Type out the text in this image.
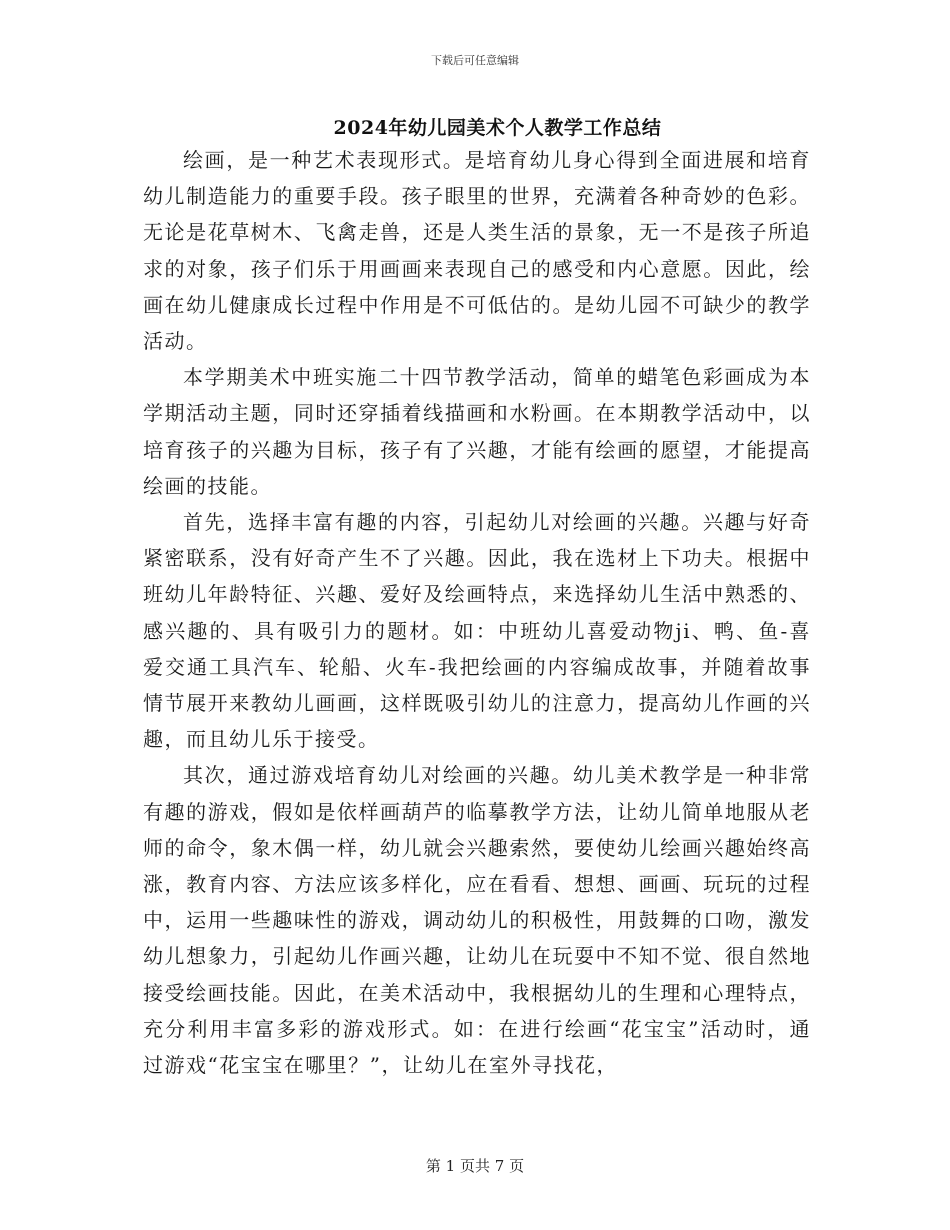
下载后可任意编辑
2024年幼儿园美术个人教学工作总结

绘画，是一种艺术表现形式。是培育幼儿身心得到全面进展和培育幼儿制造能力的重要手段。孩子眼里的世界，充满着各种奇妙的色彩。无论是花草树木、飞禽走兽，还是人类生活的景象，无一不是孩子所追求的对象，孩子们乐于用画画来表现自己的感受和内心意愿。因此，绘画在幼儿健康成长过程中作用是不可低估的。是幼儿园不可缺少的教学活动。

本学期美术中班实施二十四节教学活动，简单的蜡笔色彩画成为本学期活动主题，同时还穿插着线描画和水粉画。在本期教学活动中，以培育孩子的兴趣为目标，孩子有了兴趣，才能有绘画的愿望，才能提高绘画的技能。

首先，选择丰富有趣的内容，引起幼儿对绘画的兴趣。兴趣与好奇紧密联系，没有好奇产生不了兴趣。因此，我在选材上下功夫。根据中班幼儿年龄特征、兴趣、爱好及绘画特点，来选择幼儿生活中熟悉的、感兴趣的、具有吸引力的题材。如：中班幼儿喜爱动物ji、鸭、鱼-喜爱交通工具汽车、轮船、火车-我把绘画的内容编成故事，并随着故事情节展开来教幼儿画画，这样既吸引幼儿的注意力，提高幼儿作画的兴趣，而且幼儿乐于接受。

其次，通过游戏培育幼儿对绘画的兴趣。幼儿美术教学是一种非常有趣的游戏，假如是依样画葫芦的临摹教学方法，让幼儿简单地服从老师的命令，象木偶一样，幼儿就会兴趣索然，要使幼儿绘画兴趣始终高涨，教育内容、方法应该多样化，应在看看、想想、画画、玩玩的过程中，运用一些趣味性的游戏，调动幼儿的积极性，用鼓舞的口吻，激发幼儿想象力，引起幼儿作画兴趣，让幼儿在玩耍中不知不觉、很自然地接受绘画技能。因此，在美术活动中，我根据幼儿的生理和心理特点，充分利用丰富多彩的游戏形式。如：在进行绘画“花宝宝”活动时，通过游戏“花宝宝在哪里？”，让幼儿在室外寻找花，

第 1 页共 7 页
